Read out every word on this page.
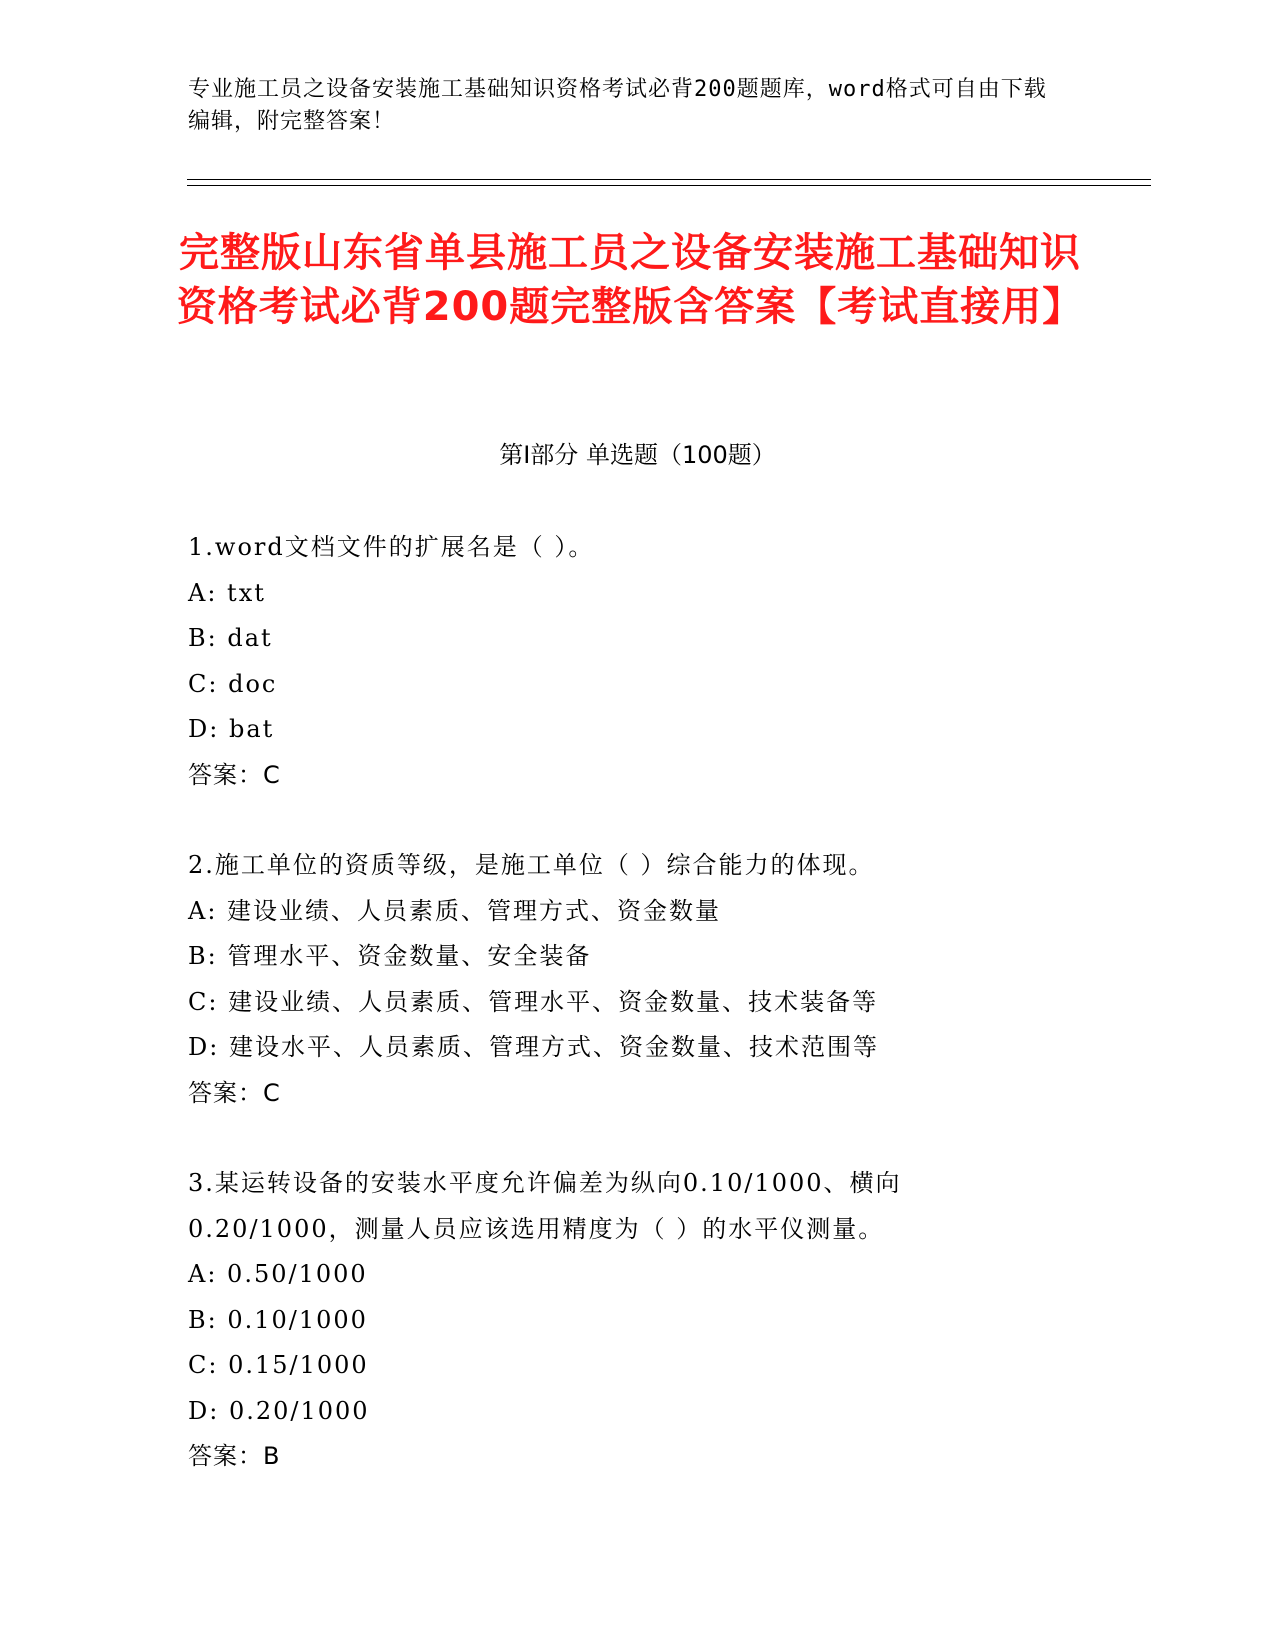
专业施工员之设备安装施工基础知识资格考试必背200题题库，word格式可自由下载编辑，附完整答案！
完整版山东省单县施工员之设备安装施工基础知识资格考试必背200题完整版含答案【考试直接用】
第I部分 单选题（100题）
1.word文档文件的扩展名是（ ）。
A: txt
B: dat
C: doc
D: bat
答案：C
2.施工单位的资质等级，是施工单位（ ）综合能力的体现。
A: 建设业绩、人员素质、管理方式、资金数量
B: 管理水平、资金数量、安全装备
C: 建设业绩、人员素质、管理水平、资金数量、技术装备等
D: 建设水平、人员素质、管理方式、资金数量、技术范围等
答案：C
3.某运转设备的安装水平度允许偏差为纵向0.10/1000、横向0.20/1000，测量人员应该选用精度为（ ）的水平仪测量。
A: 0.50/1000
B: 0.10/1000
C: 0.15/1000
D: 0.20/1000
答案：B
